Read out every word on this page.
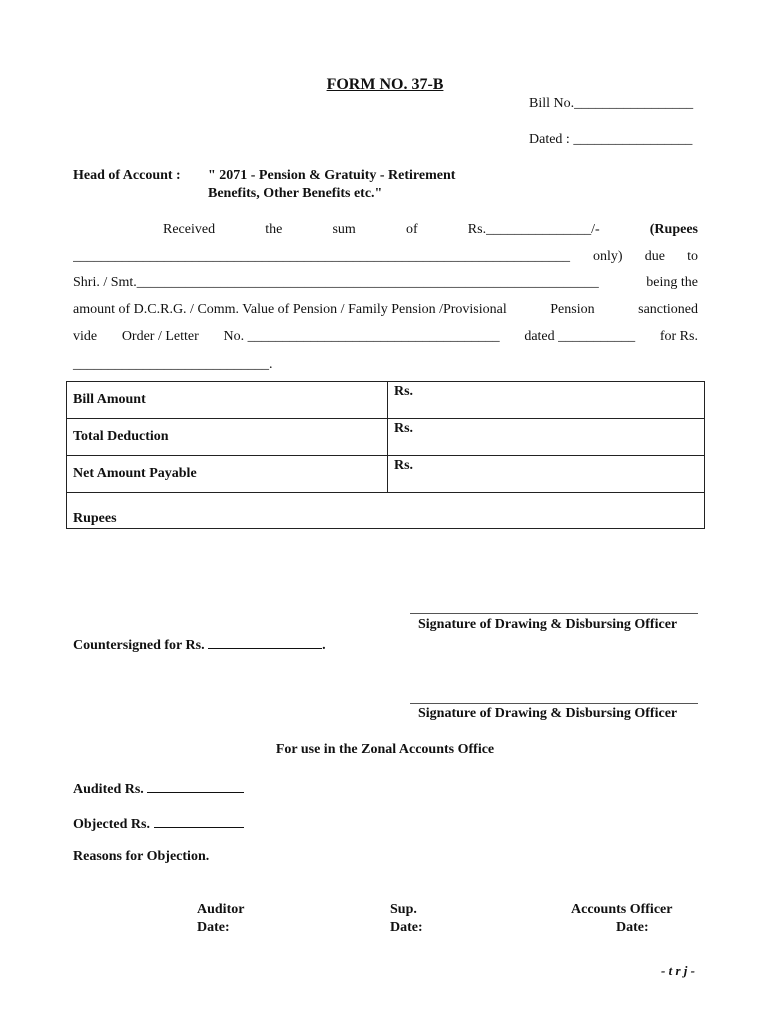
FORM NO. 37-B
Bill No._________________
Dated : _________________
Head of Account : " 2071 - Pension & Gratuity - Retirement
Benefits, Other Benefits etc."
Received	the	sum	of	Rs._______________/-	(Rupees
_______________________________________________________________________	only) due to
Shri. / Smt.__________________________________________________________________	being the
amount of D.C.R.G. / Comm. Value of Pension / Family Pension /Provisional	Pension	sanctioned
vide Order / Letter No. ____________________________________ dated ___________ for Rs.
____________________________.
Bill Amount	Rs.
Total Deduction	Rs.
Net Amount Payable	Rs.
Rupees	
Signature of Drawing & Disbursing Officer
Countersigned for Rs.	.
Signature of Drawing & Disbursing Officer
For use in the Zonal Accounts Office
Audited Rs.
Objected Rs.
Reasons for Objection.
Auditor
Date:
Sup.
Date:
Accounts Officer
Date:
- t r j -
